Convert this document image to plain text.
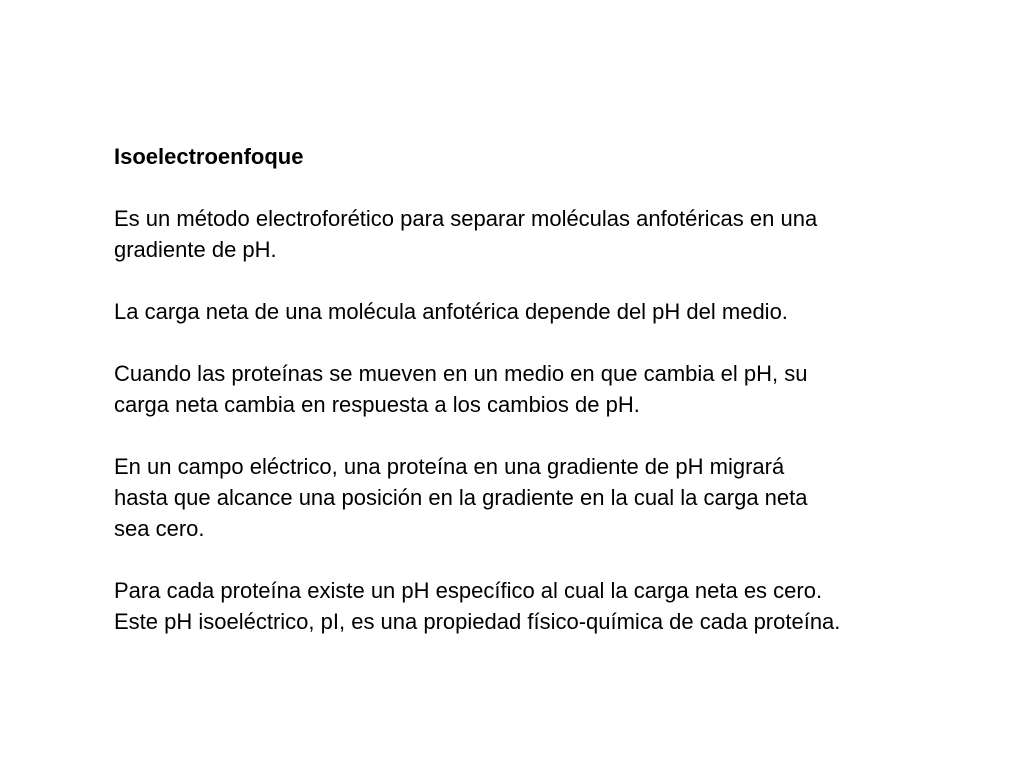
Isoelectroenfoque

Es un método electroforético para separar moléculas anfotéricas en una
gradiente de pH.

La carga neta de una molécula anfotérica depende del pH del medio.

Cuando las proteínas se mueven en un medio en que cambia el pH, su
carga neta cambia en respuesta a los cambios de pH.

En un campo eléctrico, una proteína en una gradiente de pH migrará
hasta que alcance una posición en la gradiente en la cual la carga neta
sea cero.

Para cada proteína existe un pH específico al cual la carga neta es cero.
Este pH isoeléctrico, pI, es una propiedad físico-química de cada proteína.
